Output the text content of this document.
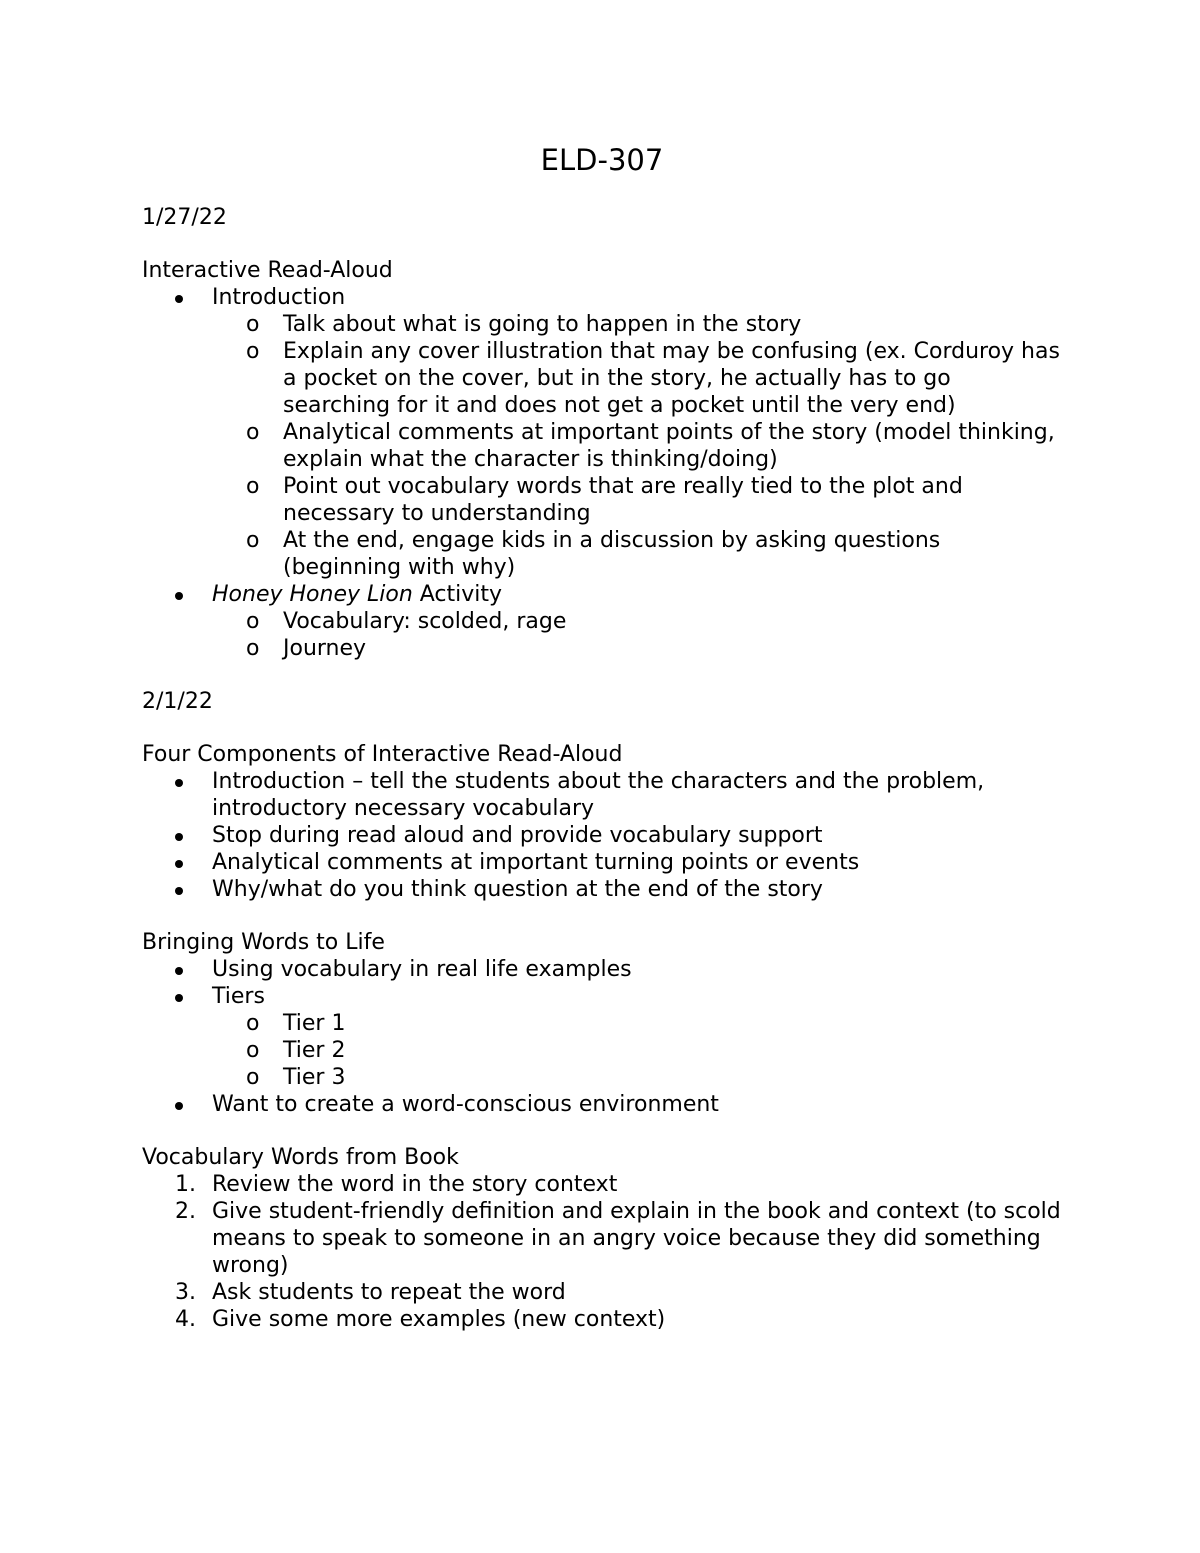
ELD-307
1/27/22
Interactive Read-Aloud
Introduction
o Talk about what is going to happen in the story
o Explain any cover illustration that may be confusing (ex. Corduroy has a pocket on the cover, but in the story, he actually has to go searching for it and does not get a pocket until the very end)
o Analytical comments at important points of the story (model thinking, explain what the character is thinking/doing)
o Point out vocabulary words that are really tied to the plot and necessary to understanding
o At the end, engage kids in a discussion by asking questions (beginning with why)
Honey Honey Lion Activity
o Vocabulary: scolded, rage
o Journey
2/1/22
Four Components of Interactive Read-Aloud
Introduction – tell the students about the characters and the problem, introductory necessary vocabulary
Stop during read aloud and provide vocabulary support
Analytical comments at important turning points or events
Why/what do you think question at the end of the story
Bringing Words to Life
Using vocabulary in real life examples
Tiers
o Tier 1
o Tier 2
o Tier 3
Want to create a word-conscious environment
Vocabulary Words from Book
1. Review the word in the story context
2. Give student-friendly definition and explain in the book and context (to scold means to speak to someone in an angry voice because they did something wrong)
3. Ask students to repeat the word
4. Give some more examples (new context)
